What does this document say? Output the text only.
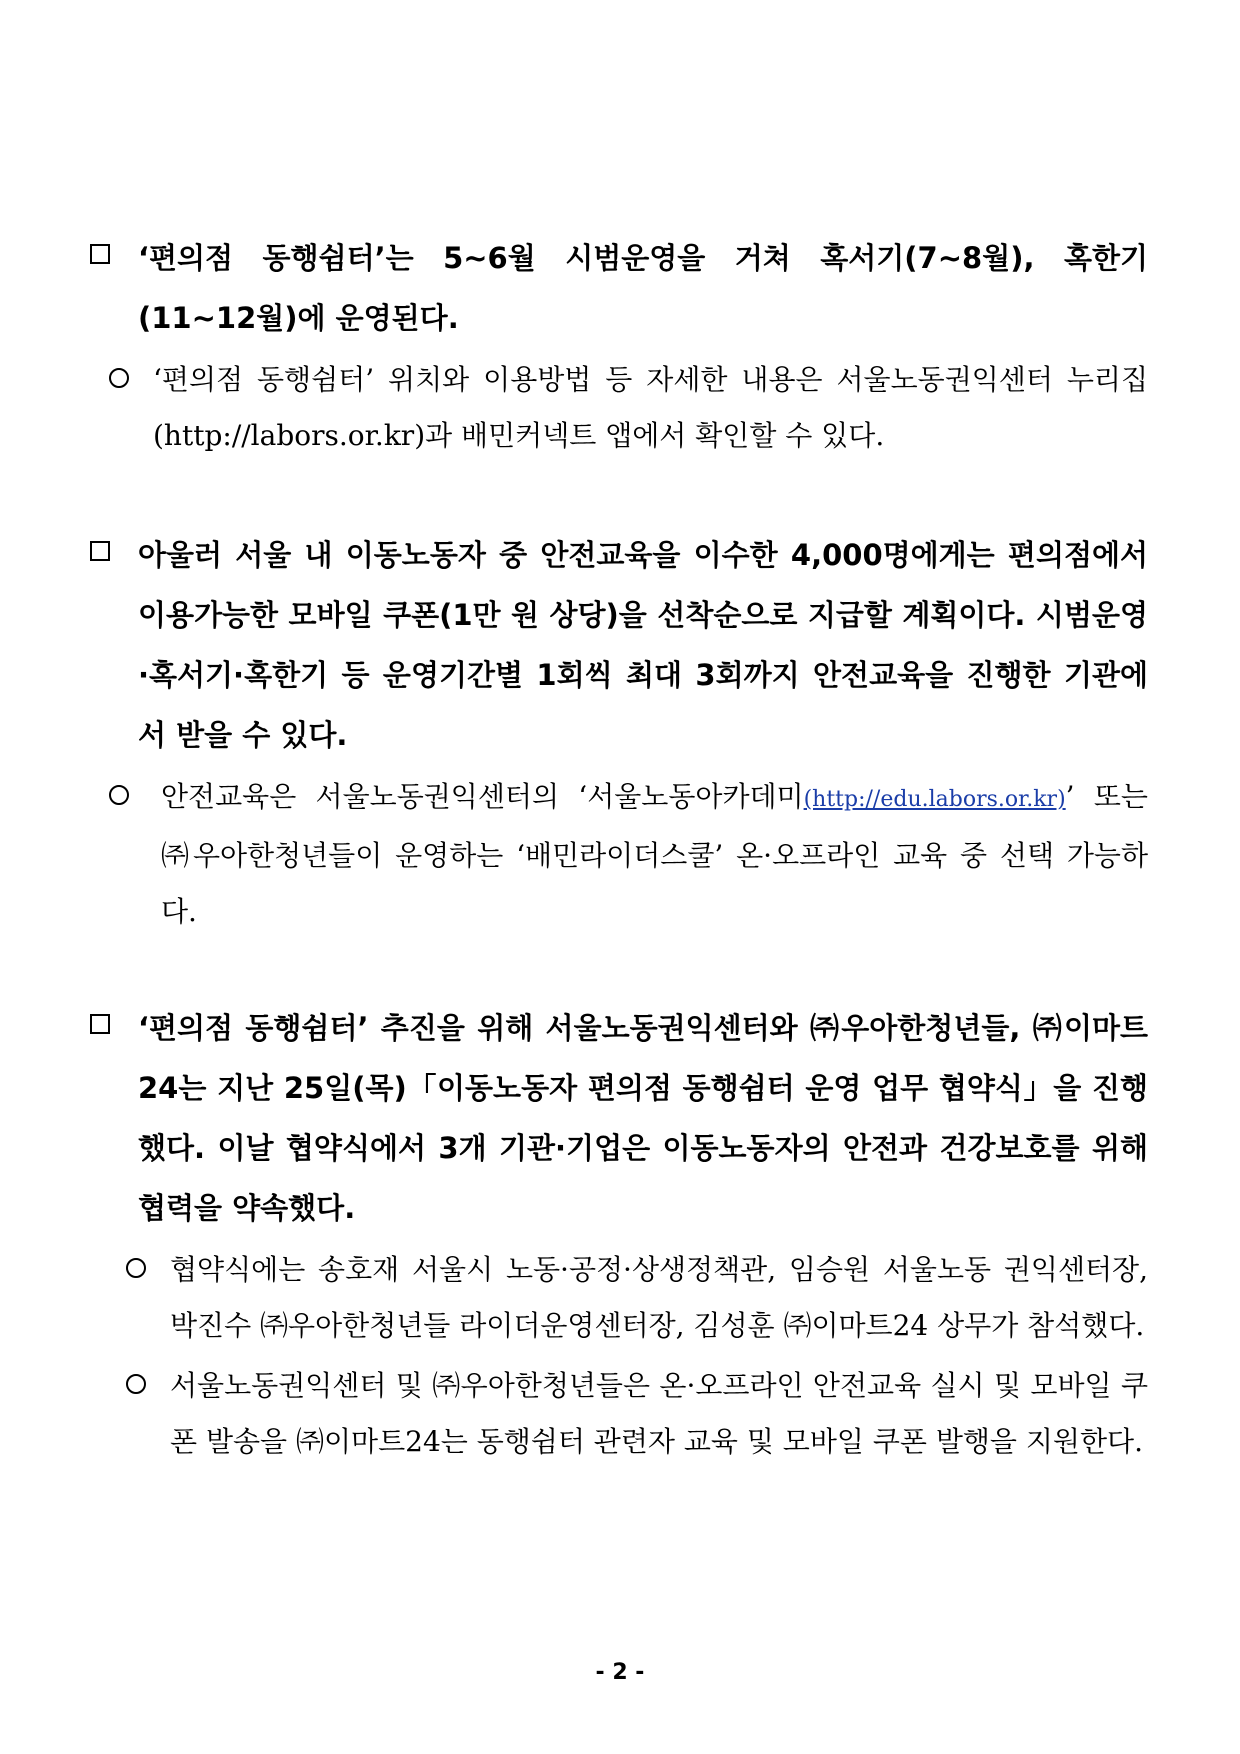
‘편의점 동행쉼터’는 5~6월 시범운영을 거쳐 혹서기(7~8월), 혹한기 (11~12월)에 운영된다.
‘편의점 동행쉼터’ 위치와 이용방법 등 자세한 내용은 서울노동권익센터 누리집 (http://labors.or.kr)과 배민커넥트 앱에서 확인할 수 있다.
아울러 서울 내 이동노동자 중 안전교육을 이수한 4,000명에게는 편의점에서 이용가능한 모바일 쿠폰(1만 원 상당)을 선착순으로 지급할 계획이다. 시범운영·혹서기·혹한기 등 운영기간별 1회씩 최대 3회까지 안전교육을 진행한 기관에서 받을 수 있다.
안전교육은 서울노동권익센터의 ‘서울노동아카데미(http://edu.labors.or.kr)’ 또는 ㈜우아한청년들이 운영하는 ‘배민라이더스쿨’ 온·오프라인 교육 중 선택 가능하다.
‘편의점 동행쉼터’ 추진을 위해 서울노동권익센터와 ㈜우아한청년들, ㈜이마트24는 지난 25일(목)「이동노동자 편의점 동행쉼터 운영 업무 협약식」을 진행했다. 이날 협약식에서 3개 기관·기업은 이동노동자의 안전과 건강보호를 위해 협력을 약속했다.
협약식에는 송호재 서울시 노동·공정·상생정책관, 임승원 서울노동 권익센터장, 박진수 ㈜우아한청년들 라이더운영센터장, 김성훈 ㈜이마트24 상무가 참석했다.
서울노동권익센터 및 ㈜우아한청년들은 온·오프라인 안전교육 실시 및 모바일 쿠폰 발송을 ㈜이마트24는 동행쉼터 관련자 교육 및 모바일 쿠폰 발행을 지원한다.
- 2 -
